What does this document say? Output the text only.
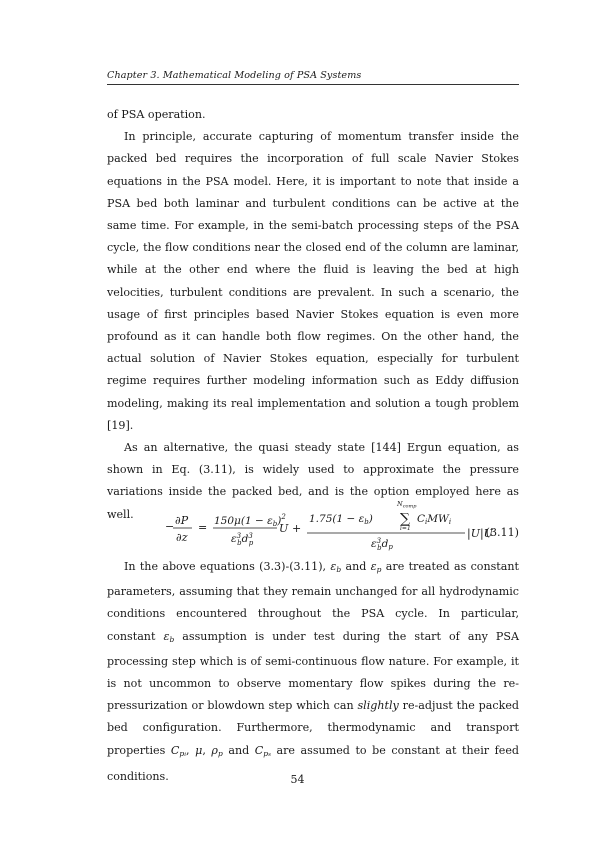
Chapter 3. Mathematical Modeling of PSA Systems

of PSA operation.

In principle, accurate capturing of momentum transfer inside the packed bed requires the incorporation of full scale Navier Stokes equations in the PSA model. Here, it is important to note that inside a PSA bed both laminar and turbulent conditions can be active at the same time. For example, in the semi-batch processing steps of the PSA cycle, the flow conditions near the closed end of the column are laminar, while at the other end where the fluid is leaving the bed at high velocities, turbulent conditions are prevalent. In such a scenario, the usage of first principles based Navier Stokes equation is even more profound as it can handle both flow regimes. On the other hand, the actual solution of Navier Stokes equation, especially for turbulent regime requires further modeling information such as Eddy diffusion modeling, making its real implementation and solution a tough problem [19].

As an alternative, the quasi steady state [144] Ergun equation, as shown in Eq. (3.11), is widely used to approximate the pressure variations inside the packed bed, and is the option employed here as well.

− ∂P
∂z
= $150\mu(1 - \varepsilon b)^2$
$\varepsilon^3$ $bd^3$ p
U +
1.75(1 − εb)
$N_{comp}$
∑
i=1
CiMWi
$\varepsilon^3$ bdp
|U|U
(3.11)

In the above equations (3.3)-(3.11), $\varepsilon_b$ and $\varepsilon_p$ are treated as constant parameters, assuming that they remain unchanged for all hydrodynamic conditions encountered throughout the PSA cycle. In particular, constant $\varepsilon_b$ assumption is under test during the start of any PSA processing step which is of semi-continuous flow nature. For example, it is not uncommon to observe momentary flow spikes during the re-pressurization or blowdown step which can slightly re-adjust the packed bed configuration. Furthermore, thermodynamic and transport properties $C_{pi}$, μ, $\rho_p$ and $C_{ps}$ are assumed to be constant at their feed conditions.	54
